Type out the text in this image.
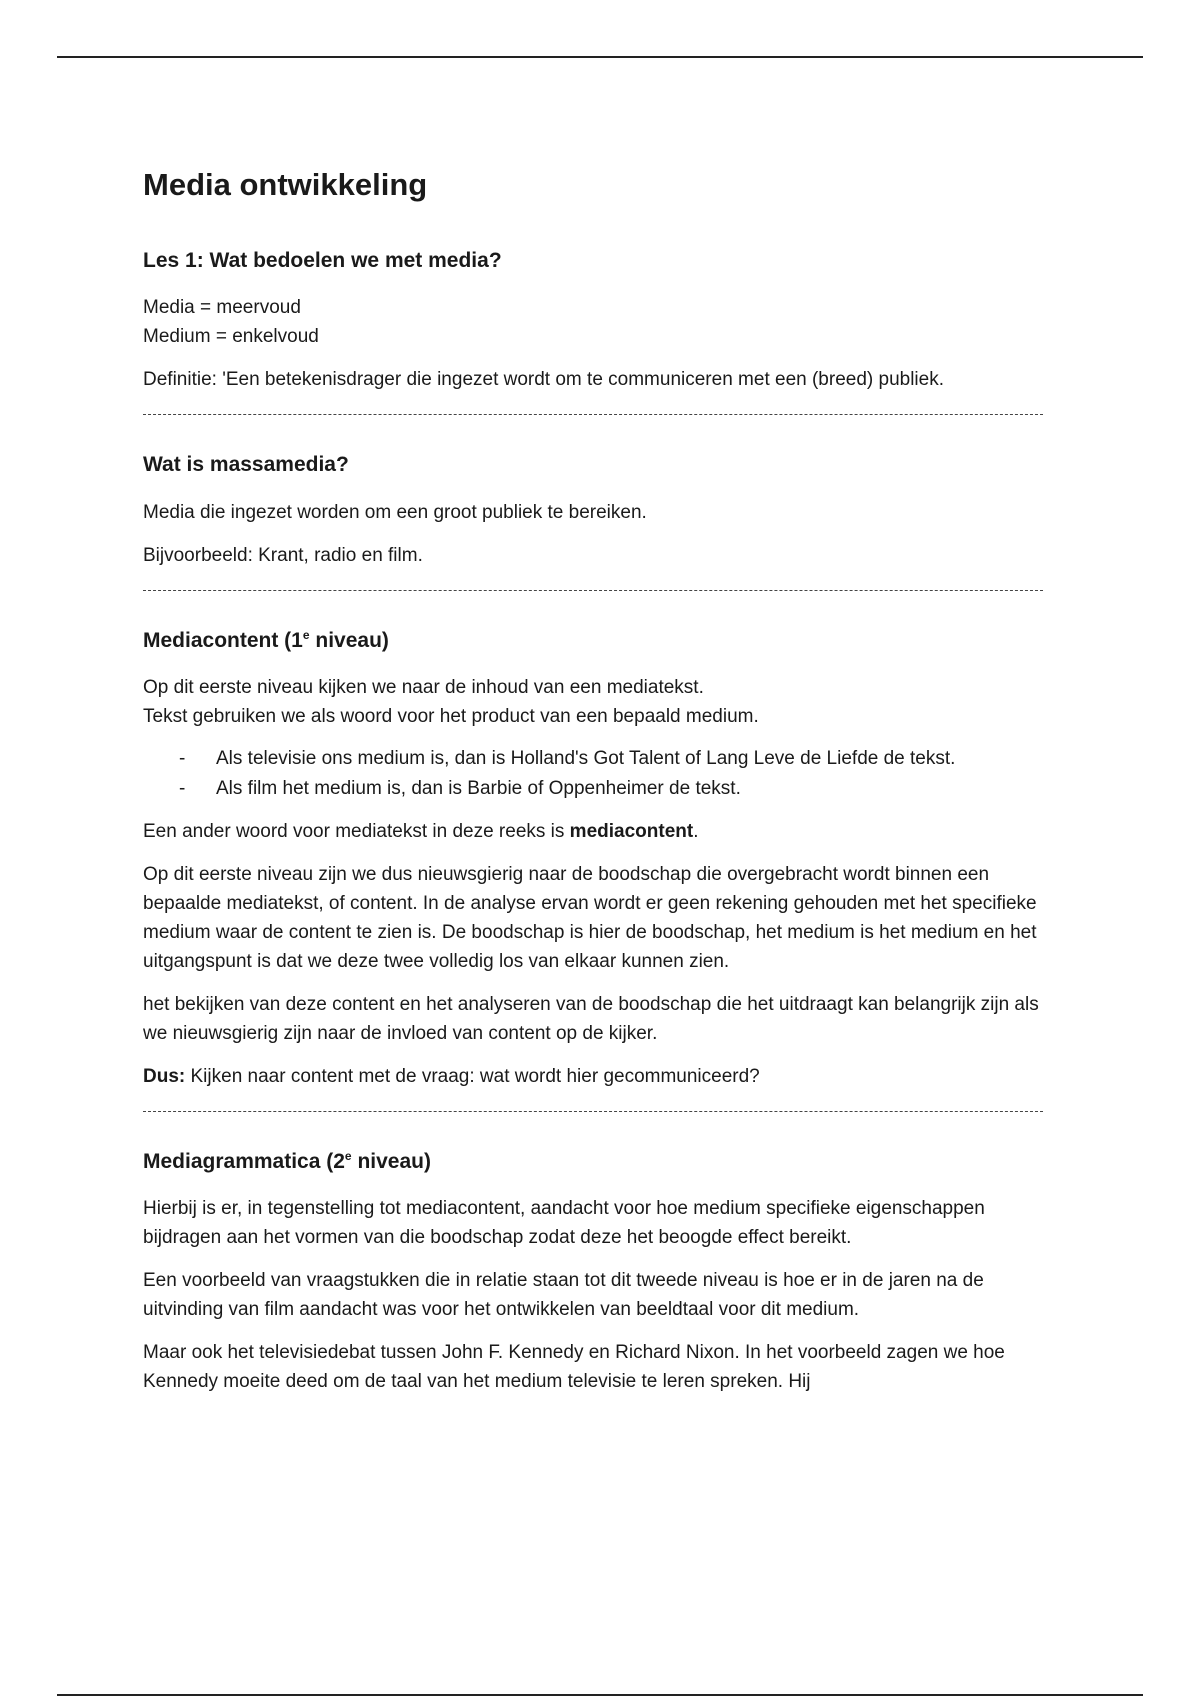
Media ontwikkeling
Les 1: Wat bedoelen we met media?

Media = meervoud
Medium = enkelvoud

Definitie: 'Een betekenisdrager die ingezet wordt om te communiceren met een (breed) publiek.

Wat is massamedia?

Media die ingezet worden om een groot publiek te bereiken.

Bijvoorbeeld: Krant, radio en film.

Mediacontent (1e niveau)

Op dit eerste niveau kijken we naar de inhoud van een mediatekst.
Tekst gebruiken we als woord voor het product van een bepaald medium.

- Als televisie ons medium is, dan is Holland's Got Talent of Lang Leve de Liefde de tekst.
- Als film het medium is, dan is Barbie of Oppenheimer de tekst.

Een ander woord voor mediatekst in deze reeks is mediacontent.

Op dit eerste niveau zijn we dus nieuwsgierig naar de boodschap die overgebracht wordt binnen een bepaalde mediatekst, of content. In de analyse ervan wordt er geen rekening gehouden met het specifieke medium waar de content te zien is. De boodschap is hier de boodschap, het medium is het medium en het uitgangspunt is dat we deze twee volledig los van elkaar kunnen zien.

het bekijken van deze content en het analyseren van de boodschap die het uitdraagt kan belangrijk zijn als we nieuwsgierig zijn naar de invloed van content op de kijker.

Dus: Kijken naar content met de vraag: wat wordt hier gecommuniceerd?

Mediagrammatica (2e niveau)

Hierbij is er, in tegenstelling tot mediacontent, aandacht voor hoe medium specifieke eigenschappen bijdragen aan het vormen van die boodschap zodat deze het beoogde effect bereikt.

Een voorbeeld van vraagstukken die in relatie staan tot dit tweede niveau is hoe er in de jaren na de uitvinding van film aandacht was voor het ontwikkelen van beeldtaal voor dit medium.

Maar ook het televisiedebat tussen John F. Kennedy en Richard Nixon. In het voorbeeld zagen we hoe Kennedy moeite deed om de taal van het medium televisie te leren spreken. Hij
